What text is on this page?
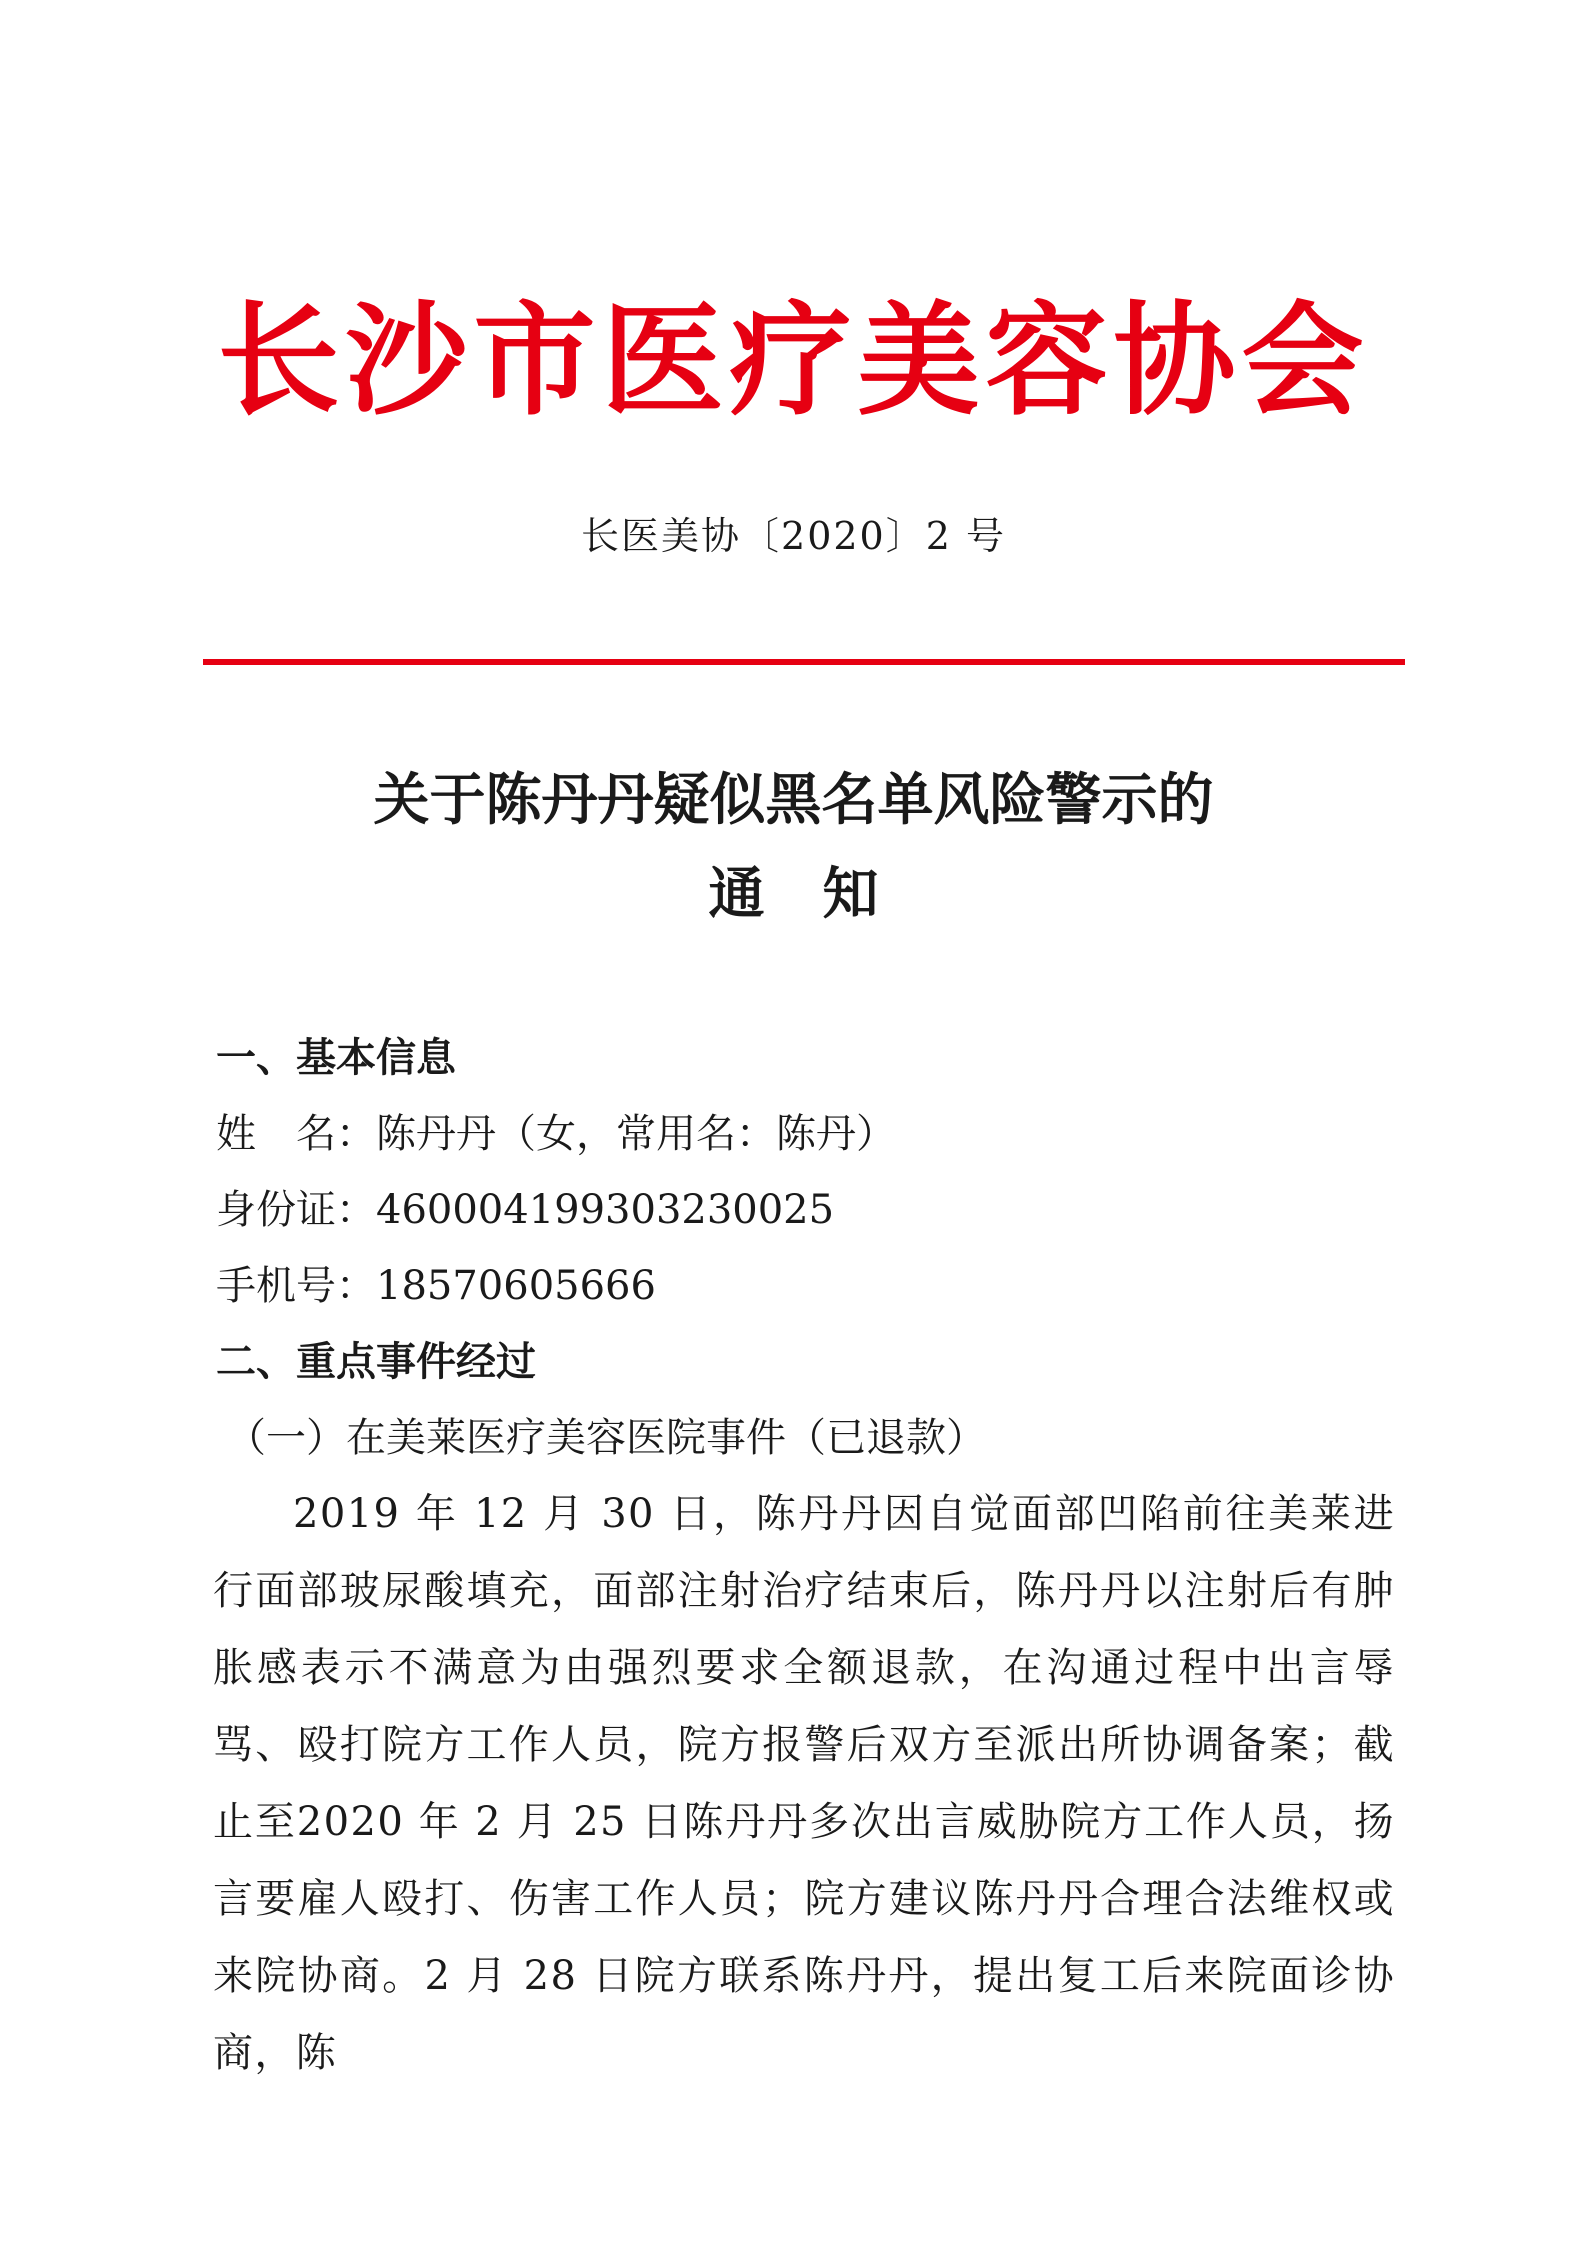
长沙市医疗美容协会
长医美协〔2020〕2 号
关于陈丹丹疑似黑名单风险警示的
通知
一、基本信息
姓　名：陈丹丹（女，常用名：陈丹）
身份证：460004199303230025
手机号：18570605666
二、重点事件经过
（一）在美莱医疗美容医院事件（已退款）
2019 年 12 月 30 日，陈丹丹因自觉面部凹陷前往美莱进行面部玻尿酸填充，面部注射治疗结束后，陈丹丹以注射后有肿胀感表示不满意为由强烈要求全额退款，在沟通过程中出言辱骂、殴打院方工作人员，院方报警后双方至派出所协调备案；截止至2020 年 2 月 25 日陈丹丹多次出言威胁院方工作人员，扬言要雇人殴打、伤害工作人员；院方建议陈丹丹合理合法维权或来院协商。2 月 28 日院方联系陈丹丹，提出复工后来院面诊协商，陈
